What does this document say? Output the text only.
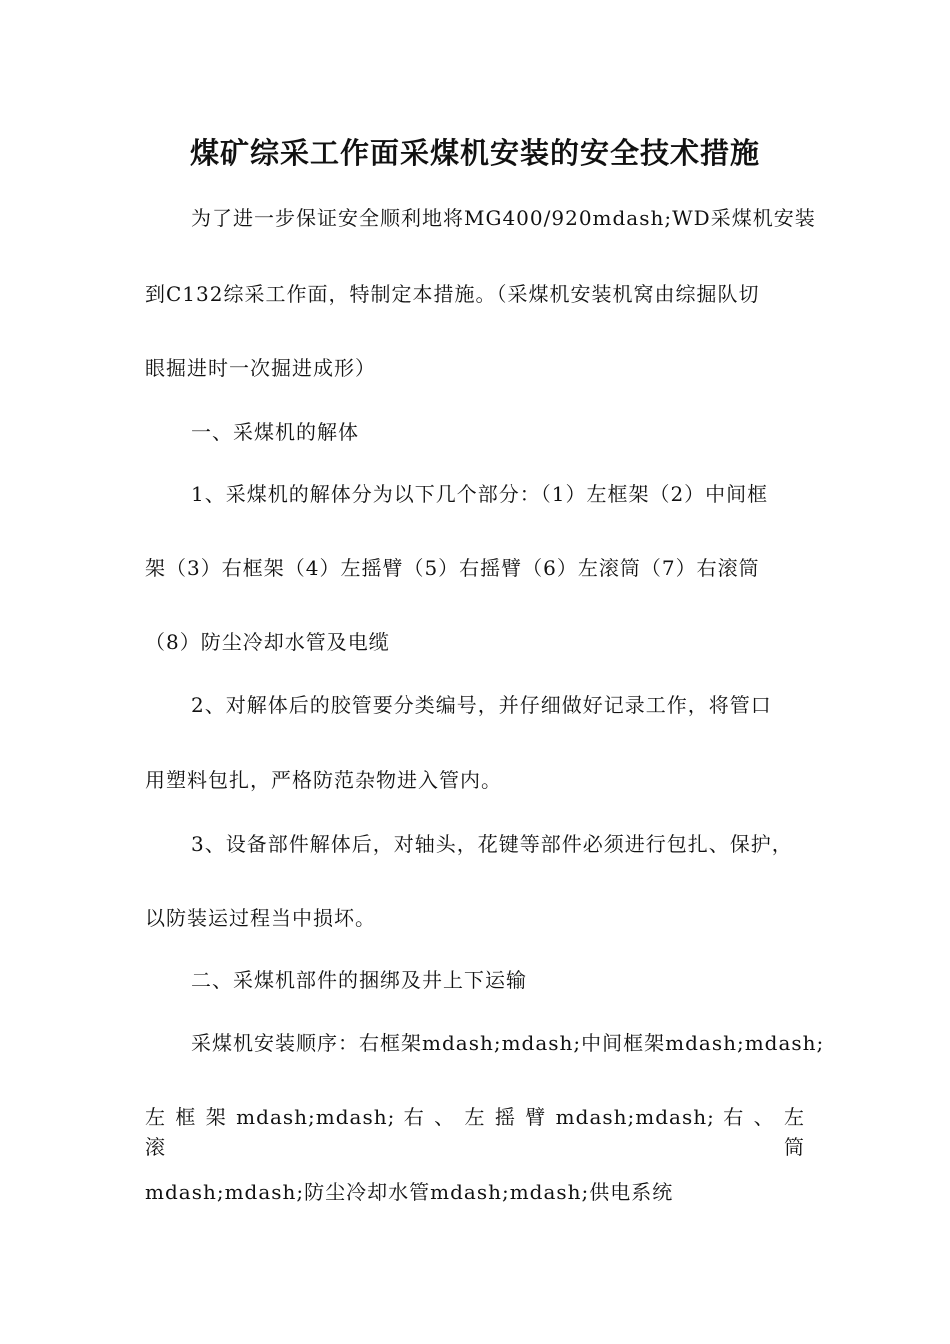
煤矿综采工作面采煤机安装的安全技术措施
为了进一步保证安全顺利地将MG400/920mdash;WD采煤机安装
到C132综采工作面，特制定本措施。（采煤机安装机窝由综掘队切
眼掘进时一次掘进成形）
一、采煤机的解体
1、采煤机的解体分为以下几个部分：（1）左框架（2）中间框
架（3）右框架（4）左摇臂（5）右摇臂（6）左滚筒（7）右滚筒
（8）防尘冷却水管及电缆
2、对解体后的胶管要分类编号，并仔细做好记录工作，将管口
用塑料包扎，严格防范杂物进入管内。
3、设备部件解体后，对轴头，花键等部件必须进行包扎、保护，
以防装运过程当中损坏。
二、采煤机部件的捆绑及井上下运输
采煤机安装顺序：右框架mdash;mdash;中间框架mdash;mdash;
左 框 架 mdash;mdash; 右 、 左 摇 臂 mdash;mdash; 右 、 左 滚 筒
mdash;mdash;防尘冷却水管mdash;mdash;供电系统
